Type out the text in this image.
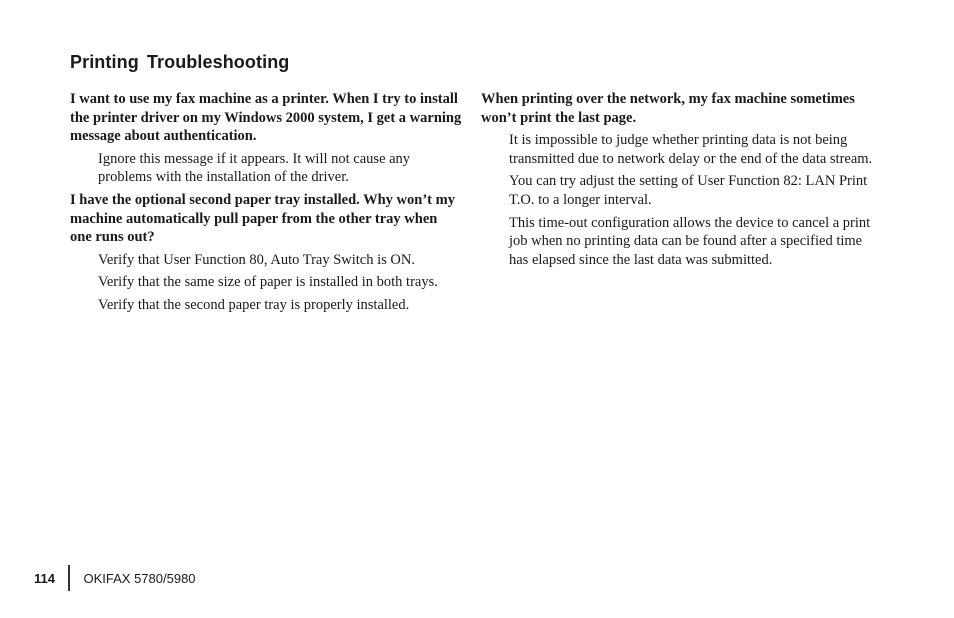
Printing Troubleshooting

I want to use my fax machine as a printer. When I try to install the printer driver on my Windows 2000 system, I get a warning message about authentication.

Ignore this message if it appears. It will not cause any problems with the installation of the driver.

I have the optional second paper tray installed. Why won’t my machine automatically pull paper from the other tray when one runs out?

Verify that User Function 80, Auto Tray Switch is ON.

Verify that the same size of paper is installed in both trays.

Verify that the second paper tray is properly installed.

When printing over the network, my fax machine sometimes won’t print the last page.

It is impossible to judge whether printing data is not being transmitted due to network delay or the end of the data stream.

You can try adjust the setting of User Function 82: LAN Print T.O. to a longer interval.

This time-out configuration allows the device to cancel a print job when no printing data can be found after a specified time has elapsed since the last data was submitted.

114 OKIFAX 5780/5980
